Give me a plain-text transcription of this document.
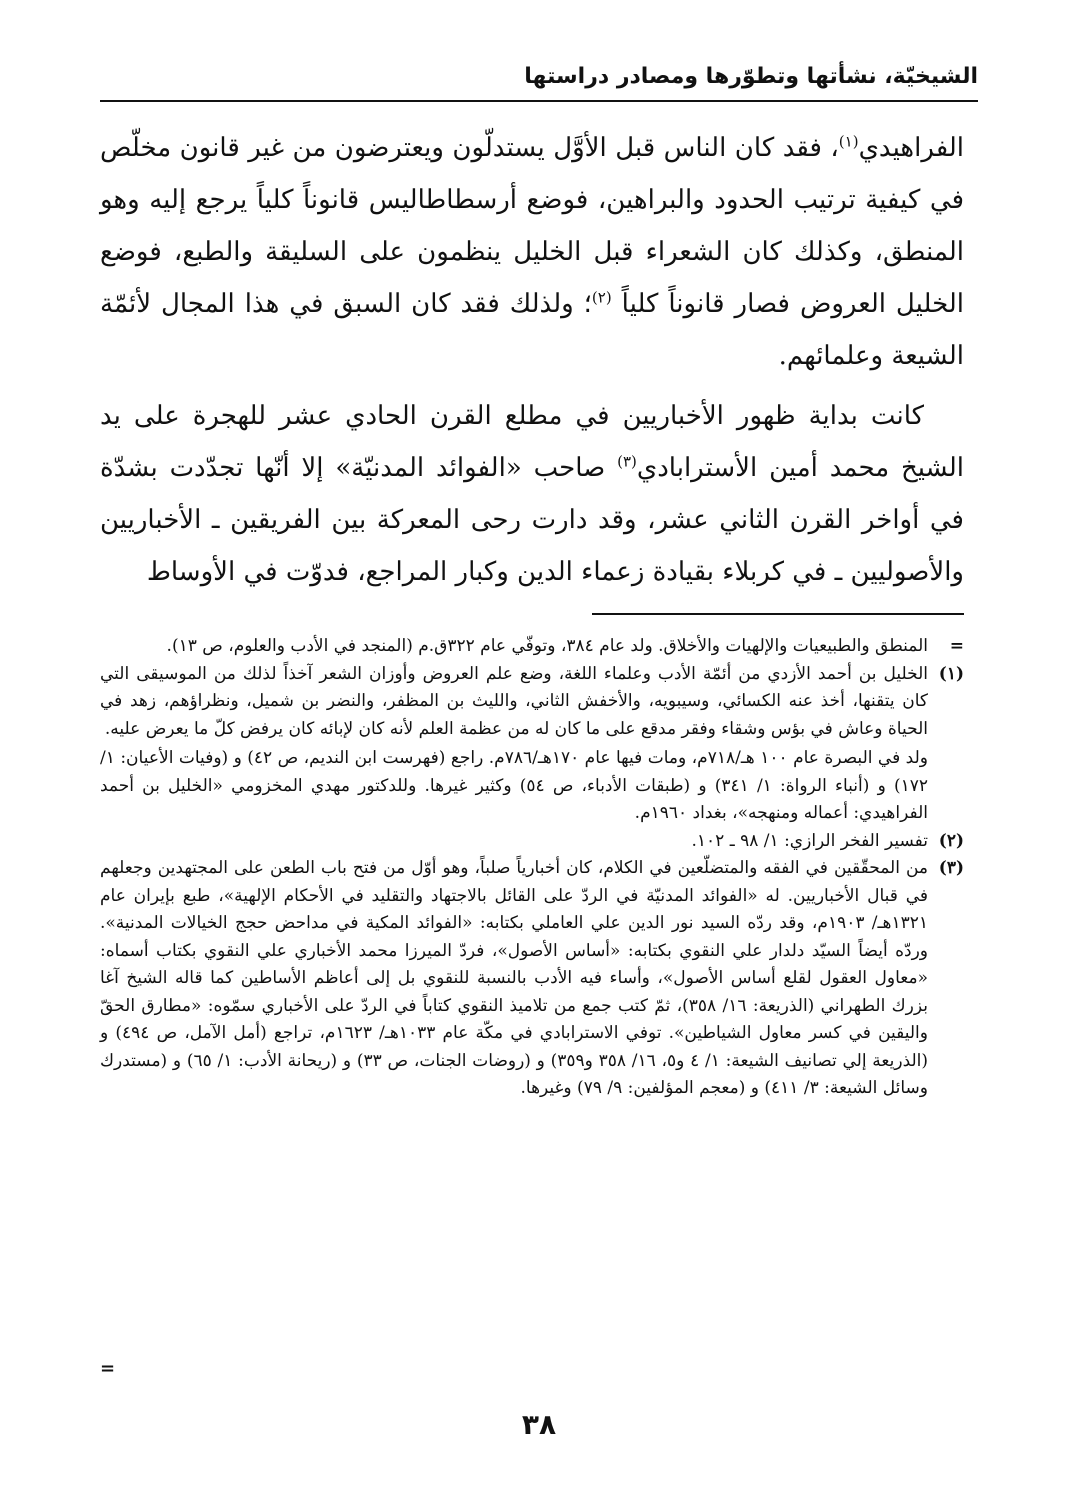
الشيخيّة، نشأتها وتطوّرها ومصادر دراستها

الفراهيدي$^{(١)}$، فقد كان الناس قبل الأوَّل يستدلّون ويعترضون من غير قانون مخلّص في كيفية ترتيب الحدود والبراهين، فوضع أرسطاطاليس قانوناً كلياً يرجع إليه وهو المنطق، وكذلك كان الشعراء قبل الخليل ينظمون على السليقة والطبع، فوضع الخليل العروض فصار قانوناً كلياً $^{(٢)}$؛ ولذلك فقد كان السبق في هذا المجال لأئمّة الشيعة وعلمائهم.

كانت بداية ظهور الأخباريين في مطلع القرن الحادي عشر للهجرة على يد الشيخ محمد أمين الأسترابادي$^{(٣)}$ صاحب «الفوائد المدنيّة» إلا أنّها تجدّدت بشدّة في أواخر القرن الثاني عشر، وقد دارت رحى المعركة بين الفريقين ـ الأخباريين والأصوليين ـ في كربلاء بقيادة زعماء الدين وكبار المراجع، فدوّت في الأوساط

=

المنطق والطبيعيات والإلهيات والأخلاق. ولد عام ٣٨٤، وتوفّي عام ٣٢٢ق.م (المنجد في الأدب والعلوم، ص ١٣).

(١)

الخليل بن أحمد الأزدي من أئمّة الأدب وعلماء اللغة، وضع علم العروض وأوزان الشعر آخذاً لذلك من الموسيقى التي كان يتقنها، أخذ عنه الكسائي، وسيبويه، والأخفش الثاني، والليث بن المظفر، والنضر بن شميل، ونظراؤهم، زهد في الحياة وعاش في بؤس وشقاء وفقر مدقع على ما كان له من عظمة العلم لأنه كان لإبائه كان يرفض كلّ ما يعرض عليه.

ولد في البصرة عام ١٠٠ هـ/٧١٨م، ومات فيها عام ١٧٠هـ/٧٨٦م. راجع (فهرست ابن النديم، ص ٤٢) و (وفيات الأعيان: ١/ ١٧٢) و (أنباء الرواة: ١/ ٣٤١) و (طبقات الأدباء، ص ٥٤) وكثير غيرها. وللدكتور مهدي المخزومي «الخليل بن أحمد الفراهيدي: أعماله ومنهجه»، بغداد ١٩٦٠م.

(٢)

تفسير الفخر الرازي: ١/ ٩٨ ـ ١٠٢.

(٣)

من المحقّقين في الفقه والمتضلّعين في الكلام، كان أخبارياً صلباً، وهو أوّل من فتح باب الطعن على المجتهدين وجعلهم في قبال الأخباريين. له «الفوائد المدنيّة في الردّ على القائل بالاجتهاد والتقليد في الأحكام الإلهية»، طبع بإيران عام ١٣٢١هـ/ ١٩٠٣م، وقد ردّه السيد نور الدين علي العاملي بكتابه: «الفوائد المكية في مداحض حجج الخيالات المدنية». وردّه أيضاً السيّد دلدار علي النقوي بكتابه: «أساس الأصول»، فردّ الميرزا محمد الأخباري علي النقوي بكتاب أسماه: «معاول العقول لقلع أساس الأصول»، وأساء فيه الأدب بالنسبة للنقوي بل إلى أعاظم الأساطين كما قاله الشيخ آغا بزرك الطهراني (الذريعة: ١٦/ ٣٥٨)، ثمّ كتب جمع من تلاميذ النقوي كتاباً في الردّ على الأخباري سمّوه: «مطارق الحقّ واليقين في كسر معاول الشياطين». توفي الاسترابادي في مكّة عام ١٠٣٣هـ/ ١٦٢٣م، تراجع (أمل الآمل، ص ٤٩٤) و (الذريعة إلي تصانيف الشيعة: ١/ ٤ و٥، ١٦/ ٣٥٨ و٣٥٩) و (روضات الجنات، ص ٣٣) و (ريحانة الأدب: ١/ ٦٥) و (مستدرك وسائل الشيعة: ٣/ ٤١١) و (معجم المؤلفين: ٩/ ٧٩) وغيرها.

=
٣٨
